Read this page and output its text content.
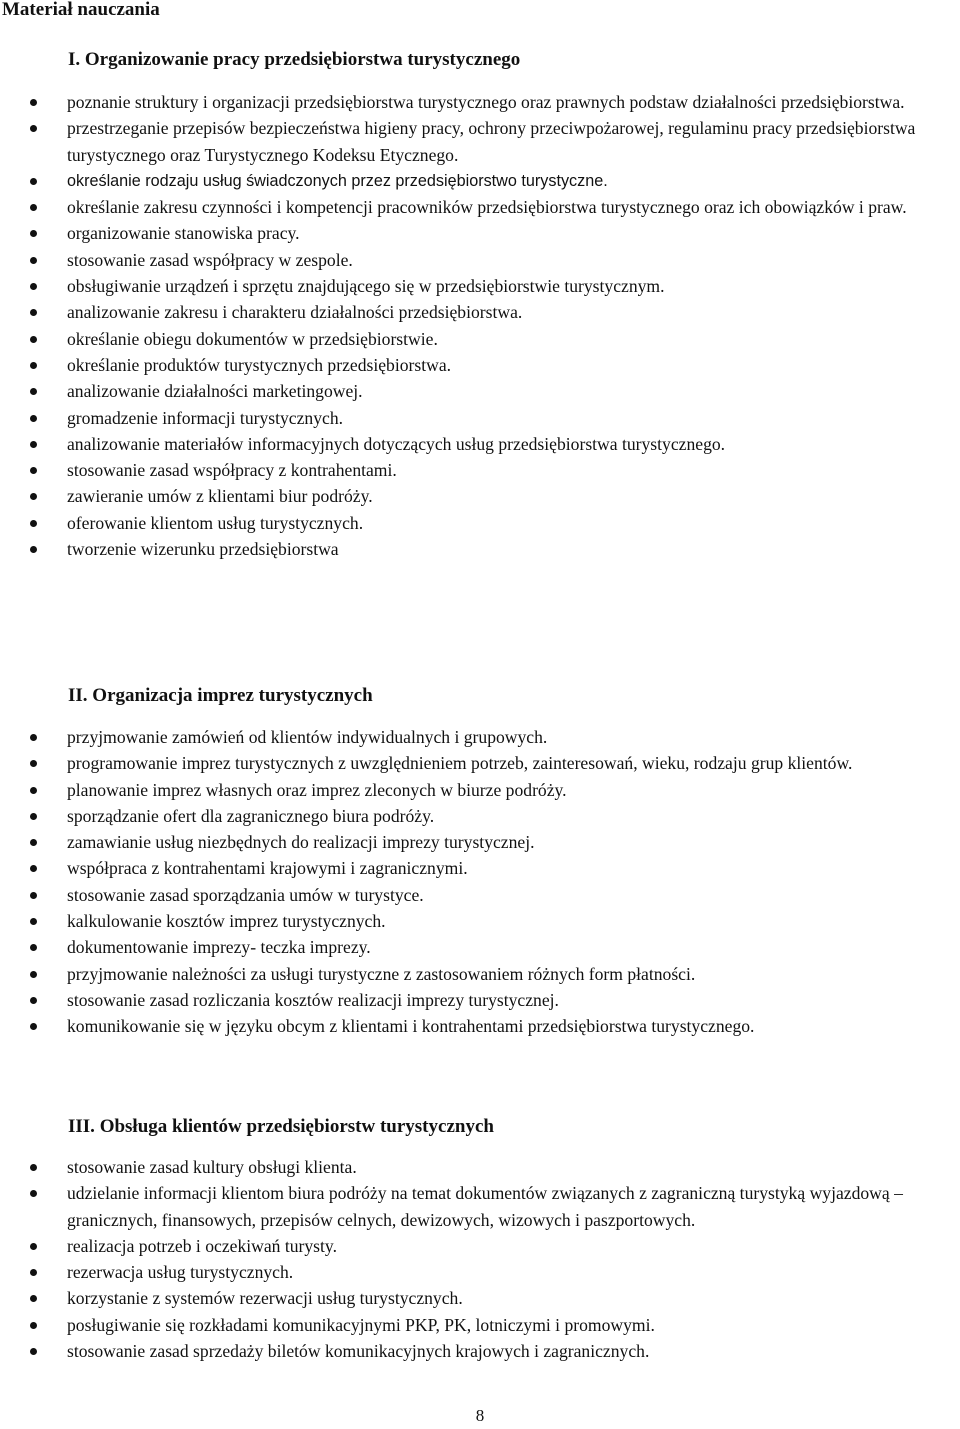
Materiał nauczania
I. Organizowanie pracy przedsiębiorstwa turystycznego
poznanie struktury i organizacji przedsiębiorstwa turystycznego oraz prawnych podstaw działalności przedsiębiorstwa.
przestrzeganie przepisów bezpieczeństwa higieny pracy, ochrony przeciwpożarowej, regulaminu pracy przedsiębiorstwa turystycznego oraz Turystycznego Kodeksu Etycznego.
określanie rodzaju usług świadczonych przez przedsiębiorstwo turystyczne.
określanie zakresu czynności i kompetencji pracowników przedsiębiorstwa turystycznego oraz ich obowiązków i praw.
organizowanie stanowiska pracy.
stosowanie zasad współpracy w zespole.
obsługiwanie urządzeń i sprzętu znajdującego się w przedsiębiorstwie turystycznym.
analizowanie zakresu i charakteru działalności przedsiębiorstwa.
określanie obiegu dokumentów w przedsiębiorstwie.
określanie produktów turystycznych przedsiębiorstwa.
analizowanie działalności marketingowej.
gromadzenie informacji turystycznych.
analizowanie materiałów informacyjnych dotyczących usług przedsiębiorstwa turystycznego.
stosowanie zasad współpracy z kontrahentami.
zawieranie umów z klientami biur podróży.
oferowanie klientom usług turystycznych.
tworzenie wizerunku przedsiębiorstwa
II. Organizacja imprez turystycznych
przyjmowanie zamówień od klientów indywidualnych i grupowych.
programowanie imprez turystycznych z uwzględnieniem potrzeb, zainteresowań, wieku, rodzaju grup klientów.
planowanie imprez własnych oraz imprez zleconych w biurze podróży.
sporządzanie ofert dla zagranicznego biura podróży.
zamawianie usług niezbędnych do realizacji imprezy turystycznej.
współpraca z kontrahentami krajowymi i zagranicznymi.
stosowanie zasad sporządzania umów w turystyce.
kalkulowanie kosztów imprez turystycznych.
dokumentowanie imprezy- teczka imprezy.
przyjmowanie należności za usługi turystyczne z zastosowaniem różnych form płatności.
stosowanie zasad rozliczania kosztów realizacji imprezy turystycznej.
komunikowanie się w języku obcym z klientami i kontrahentami przedsiębiorstwa turystycznego.
III. Obsługa klientów przedsiębiorstw turystycznych
stosowanie zasad kultury obsługi klienta.
udzielanie informacji klientom biura podróży na temat dokumentów związanych z zagraniczną turystyką wyjazdową – granicznych, finansowych, przepisów celnych, dewizowych, wizowych i paszportowych.
realizacja potrzeb i oczekiwań turysty.
rezerwacja usług turystycznych.
korzystanie z systemów rezerwacji usług turystycznych.
posługiwanie się rozkładami komunikacyjnymi PKP, PK, lotniczymi i promowymi.
stosowanie zasad sprzedaży biletów komunikacyjnych krajowych i zagranicznych.
8
